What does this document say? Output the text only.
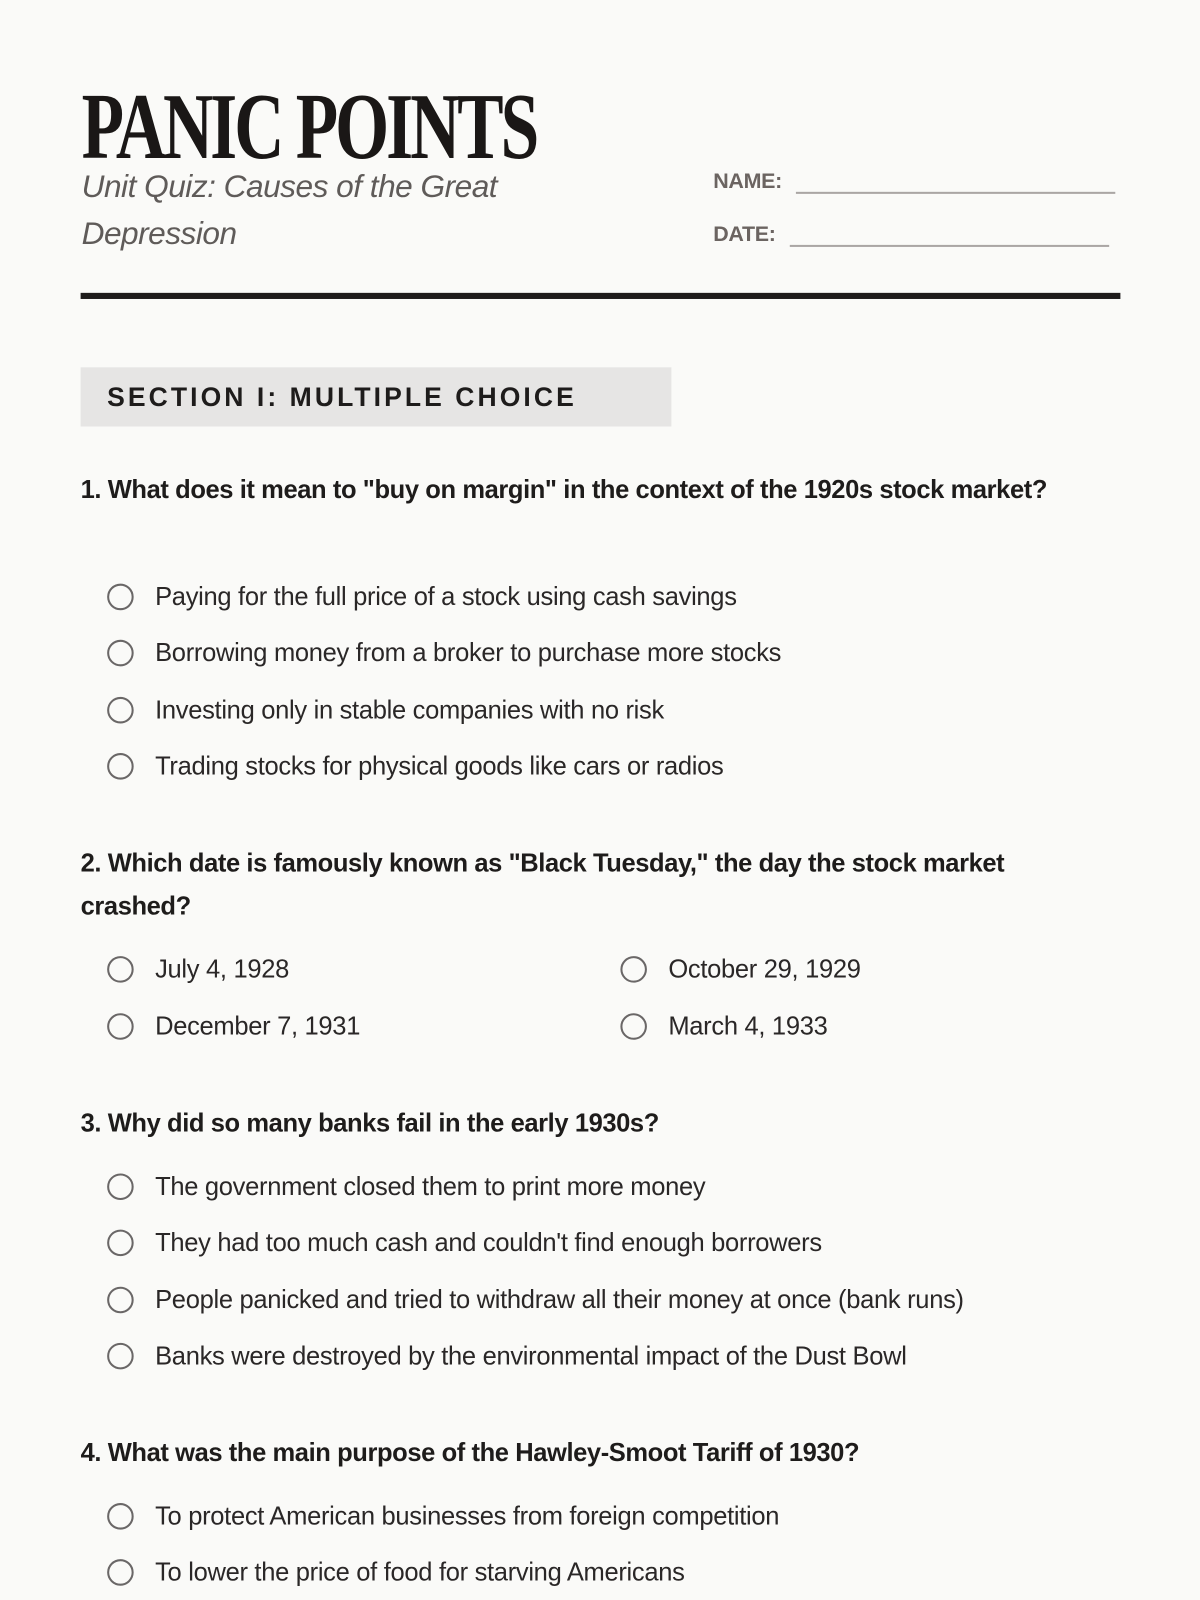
PANIC POINTS
Unit Quiz: Causes of the Great Depression
NAME:
DATE:
SECTION I: MULTIPLE CHOICE
1. What does it mean to "buy on margin" in the context of the 1920s stock market?
Paying for the full price of a stock using cash savings
Borrowing money from a broker to purchase more stocks
Investing only in stable companies with no risk
Trading stocks for physical goods like cars or radios
2. Which date is famously known as "Black Tuesday," the day the stock market crashed?
July 4, 1928	October 29, 1929
December 7, 1931	March 4, 1933
3. Why did so many banks fail in the early 1930s?
The government closed them to print more money
They had too much cash and couldn't find enough borrowers
People panicked and tried to withdraw all their money at once (bank runs)
Banks were destroyed by the environmental impact of the Dust Bowl
4. What was the main purpose of the Hawley-Smoot Tariff of 1930?
To protect American businesses from foreign competition
To lower the price of food for starving Americans
